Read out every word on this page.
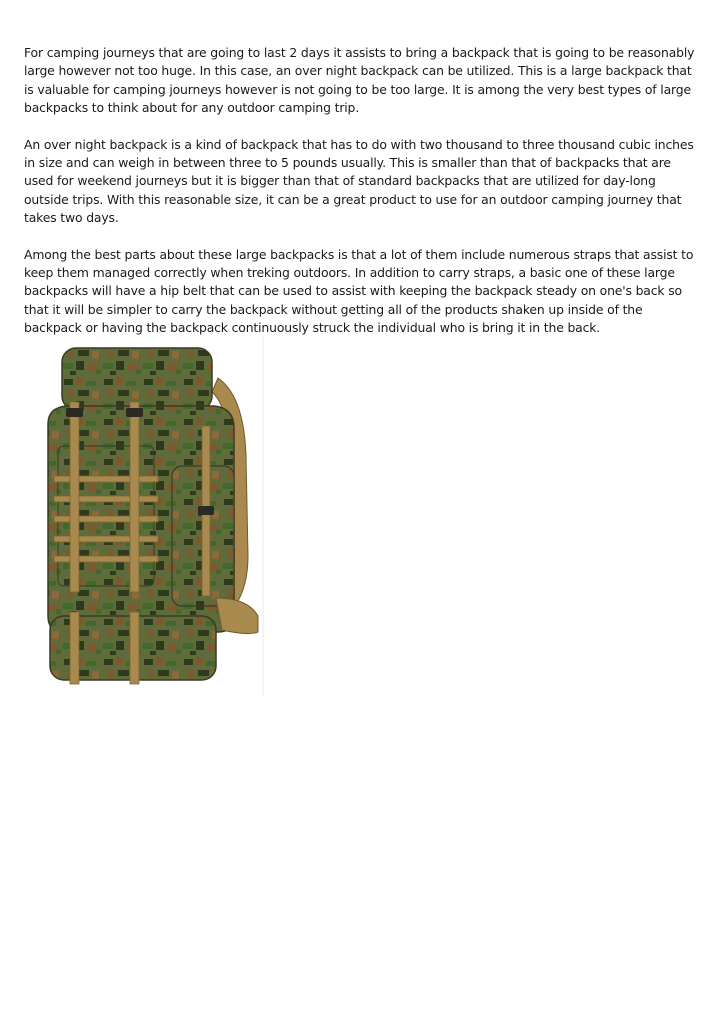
For camping journeys that are going to last 2 days it assists to bring a backpack that is going to be reasonably large however not too huge. In this case, an over night backpack can be utilized. This is a large backpack that is valuable for camping journeys however is not going to be too large. It is among the very best types of large backpacks to think about for any outdoor camping trip.

An over night backpack is a kind of backpack that has to do with two thousand to three thousand cubic inches in size and can weigh in between three to 5 pounds usually. This is smaller than that of backpacks that are used for weekend journeys but it is bigger than that of standard backpacks that are utilized for day-long outside trips. With this reasonable size, it can be a great product to use for an outdoor camping journey that takes two days.

Among the best parts about these large backpacks is that a lot of them include numerous straps that assist to keep them managed correctly when treking outdoors. In addition to carry straps, a basic one of these large backpacks will have a hip belt that can be used to assist with keeping the backpack steady on one's back so that it will be simpler to carry the backpack without getting all of the products shaken up inside of the backpack or having the backpack continuously struck the individual who is bring it in the back.
